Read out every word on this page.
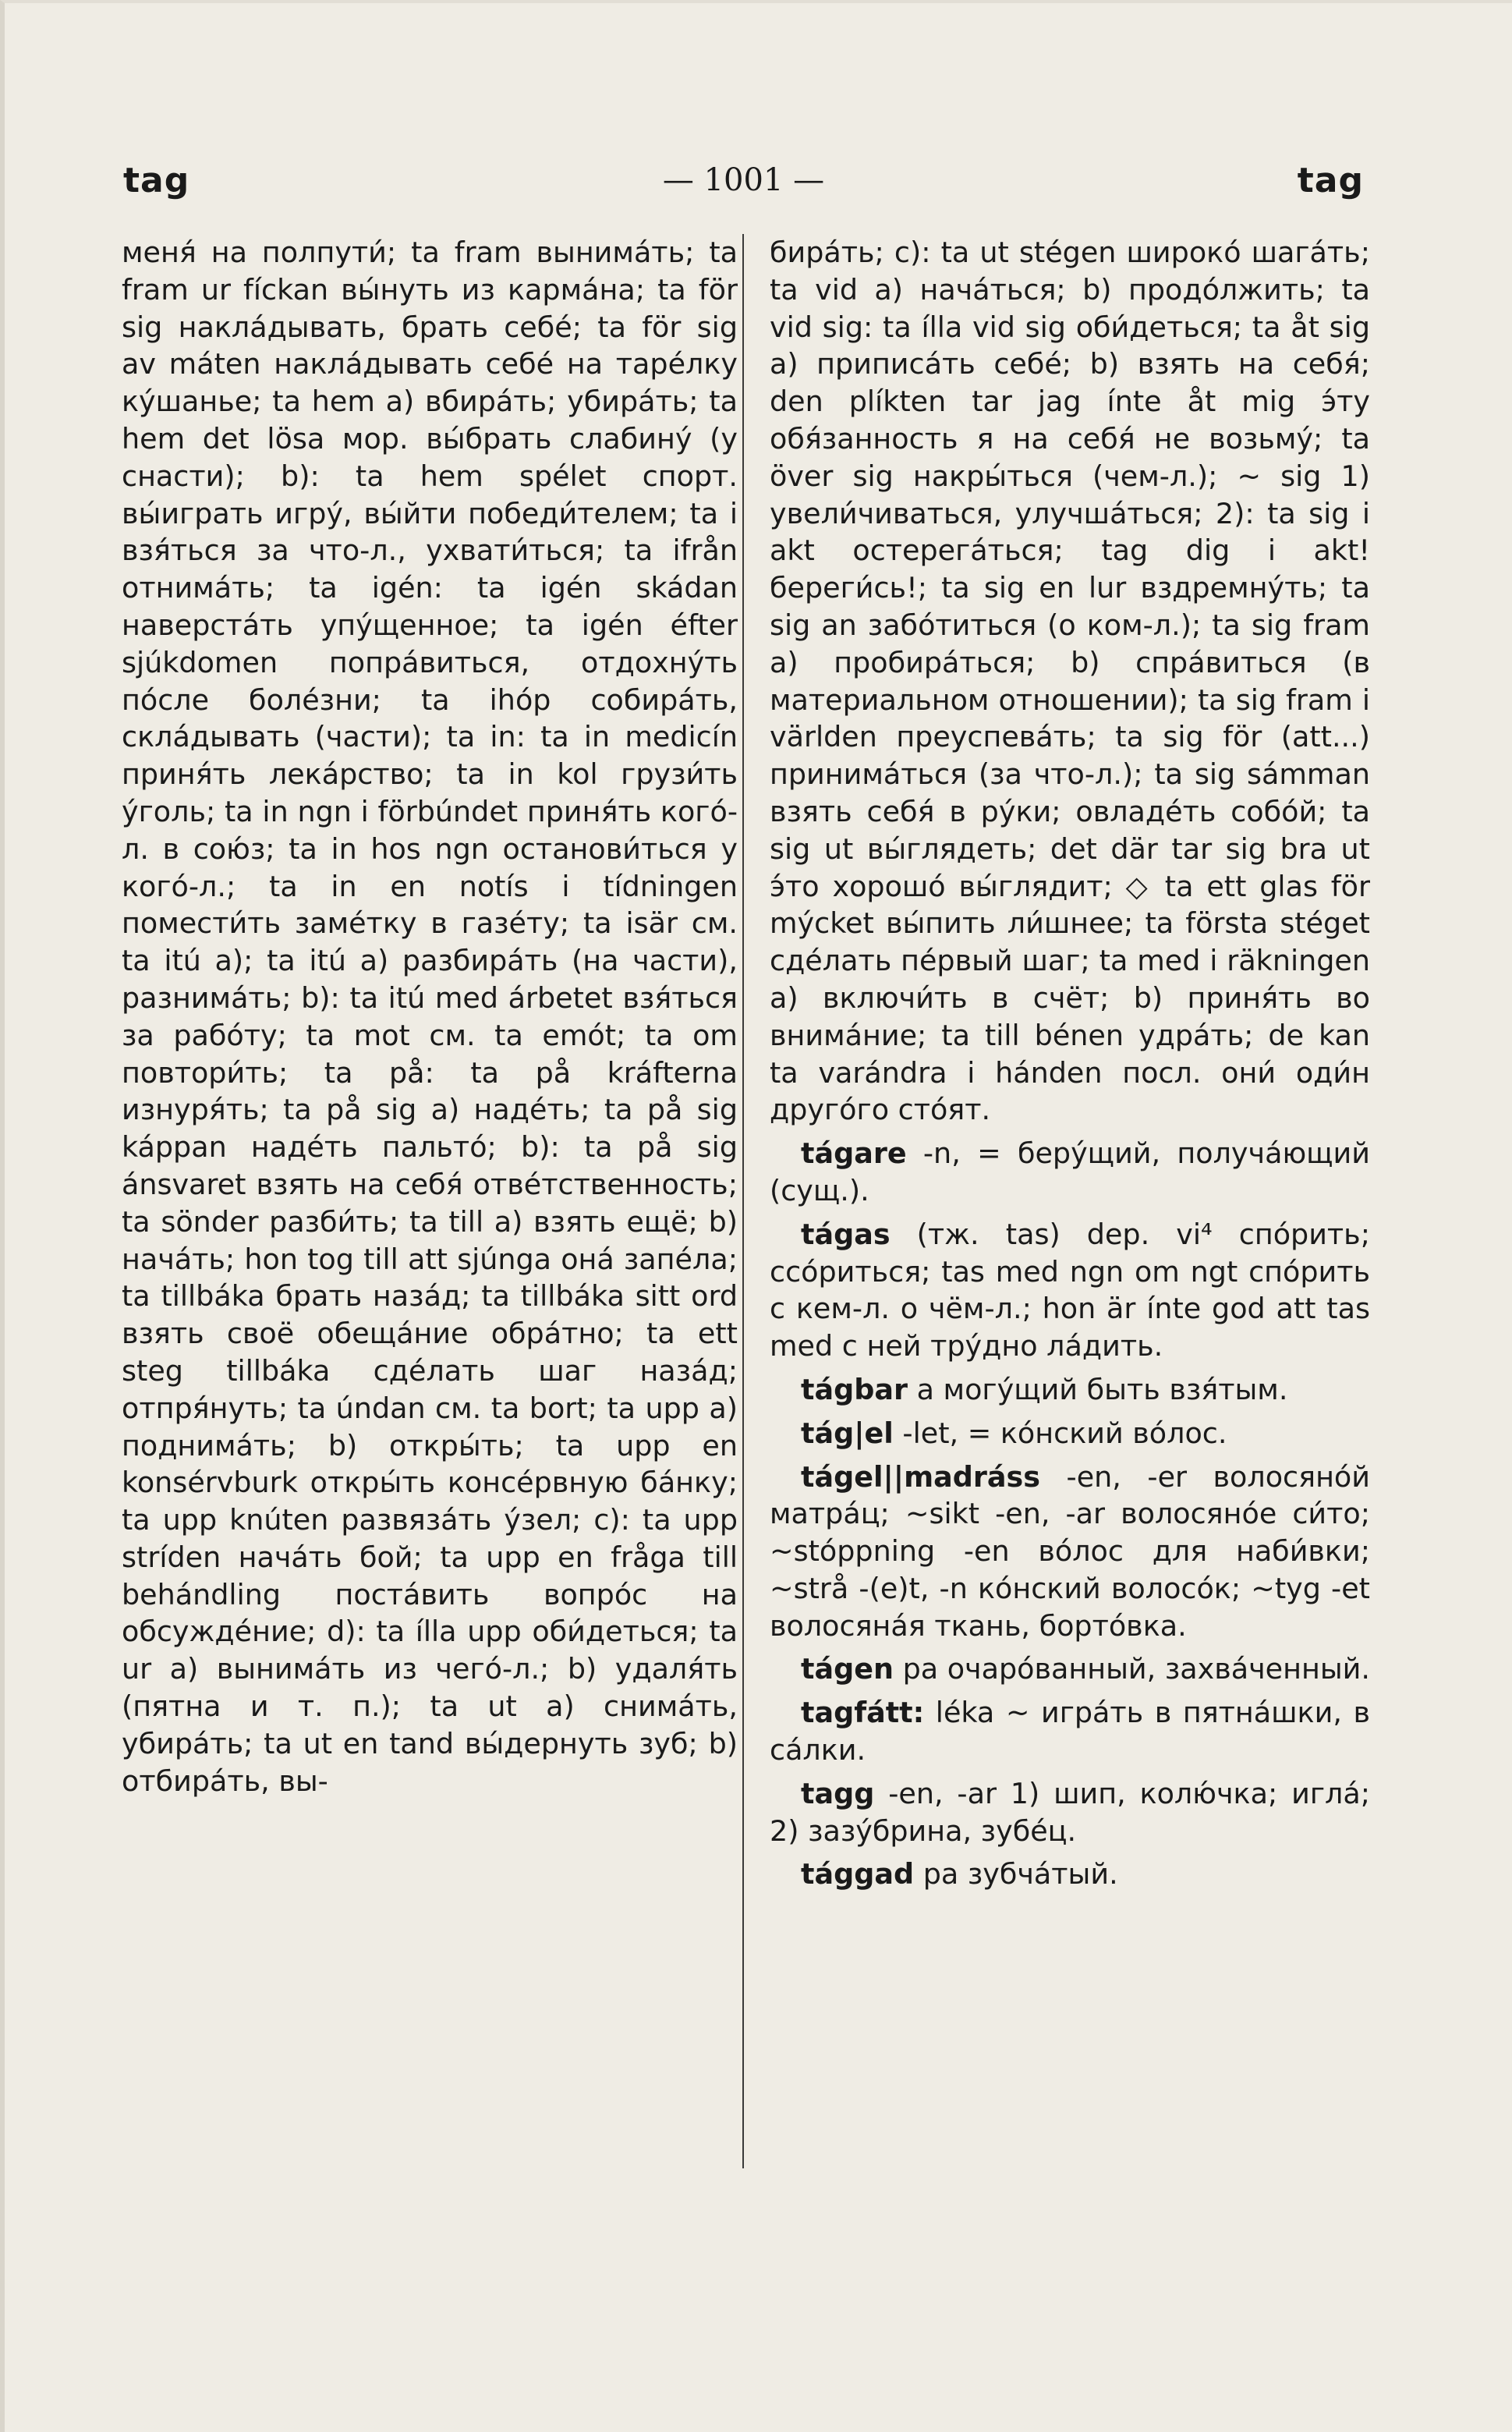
tag	— 1001 —	tag

меня́ на полпути́; ta fram вынима́ть; ta fram ur fíckan вы́нуть из карма́на; ta för sig накла́дывать, брать себе́; ta för sig av máten накла́дывать себе́ на таре́лку ку́шанье; ta hem а) вбира́ть; убира́ть; ta hem det lösa мор. вы́брать слабину́ (у снасти); b): ta hem spélet спорт. вы́играть игру́, вы́йти победи́телем; ta i взя́ться за что-л., ухвати́ться; ta ifrån отнима́ть; ta igén: ta igén skádan наверста́ть упу́щенное; ta igén éfter sjúkdomen попра́виться, отдохну́ть по́сле боле́зни; ta ihóp собира́ть, скла́дывать (части); ta in: ta in medicín приня́ть лека́рство; ta in kol грузи́ть у́голь; ta in ngn i förbúndet приня́ть кого́-л. в сою́з; ta in hos ngn останови́ться у кого́-л.; ta in en notís i tídningen помести́ть заме́тку в газе́ту; ta isär см. ta itú a); ta itú a) разбира́ть (на части), разнима́ть; b): ta itú med árbetet взя́ться за рабо́ту; ta mot см. ta emót; ta om повтори́ть; ta på: ta på kráfterna изнуря́ть; ta på sig a) наде́ть; ta på sig káppan наде́ть пальто́; b): ta på sig ánsvaret взять на себя́ отве́тственность; ta sönder разби́ть; ta till a) взять ещё; b) нача́ть; hon tog till att sjúnga она́ запе́ла; ta tillbáka брать наза́д; ta tillbáka sitt ord взять своё обеща́ние обра́тно; ta ett steg tillbáka сде́лать шаг наза́д; отпря́нуть; ta úndan см. ta bort; ta upp a) поднима́ть; b) откры́ть; ta upp en konsérvburk откры́ть консе́рвную ба́нку; ta upp knúten развяза́ть у́зел; c): ta upp stríden нача́ть бой; ta upp en fråga till behándling поста́вить вопро́с на обсужде́ние; d): ta ílla upp оби́деться; ta ur a) вынима́ть из чего́-л.; b) удаля́ть (пятна и т. п.); ta ut a) снима́ть, убира́ть; ta ut en tand вы́дернуть зуб; b) отбира́ть, вы-

бира́ть; c): ta ut stégen широко́ шага́ть; ta vid a) нача́ться; b) продо́лжить; ta vid sig: ta ílla vid sig оби́деться; ta åt sig a) приписа́ть себе́; b) взять на себя́; den plíkten tar jag ínte åt mig э́ту обя́занность я на себя́ не возьму́; ta över sig накры́ться (чем-л.); ~ sig 1) увели́чиваться, улучша́ться; 2): ta sig i akt остерега́ться; tag dig i akt! береги́сь!; ta sig en lur вздремну́ть; ta sig an забо́титься (о ком-л.); ta sig fram a) пробира́ться; b) спра́виться (в материальном отношении); ta sig fram i världen преуспева́ть; ta sig för (att...) принима́ться (за что-л.); ta sig sámman взять себя́ в ру́ки; овладе́ть собо́й; ta sig ut вы́глядеть; det där tar sig bra ut э́то хорошо́ вы́глядит; ◇ ta ett glas för mýcket вы́пить ли́шнее; ta första stéget сде́лать пе́рвый шаг; ta med i räkningen a) включи́ть в счёт; b) приня́ть во внима́ние; ta till bénen удра́ть; de kan ta varándra i hánden посл. они́ оди́н друго́го сто́ят.

tágare -n, = беру́щий, получа́ющий (сущ.).

tágas (тж. tas) dep. vi⁴ спо́рить; ссо́риться; tas med ngn om ngt спо́рить с кем-л. о чём-л.; hon är ínte god att tas med с ней тру́дно ла́дить.

tágbar a могу́щий быть взя́тым.

tág|el -let, = ко́нский во́лос.

tágel||madráss -en, -er волосяно́й матра́ц; ~sikt -en, -ar волосяно́е си́то; ~stóppning -en во́лос для наби́вки; ~strå -(e)t, -n ко́нский волосо́к; ~tyg -et волосяна́я ткань, борто́вка.

tágen pa очаро́ванный, захва́ченный.

tagfátt: léka ~ игра́ть в пятна́шки, в са́лки.

tagg -en, -ar 1) шип, колю́чка; игла́; 2) зазу́брина, зубе́ц.

tággad pa зубча́тый.
